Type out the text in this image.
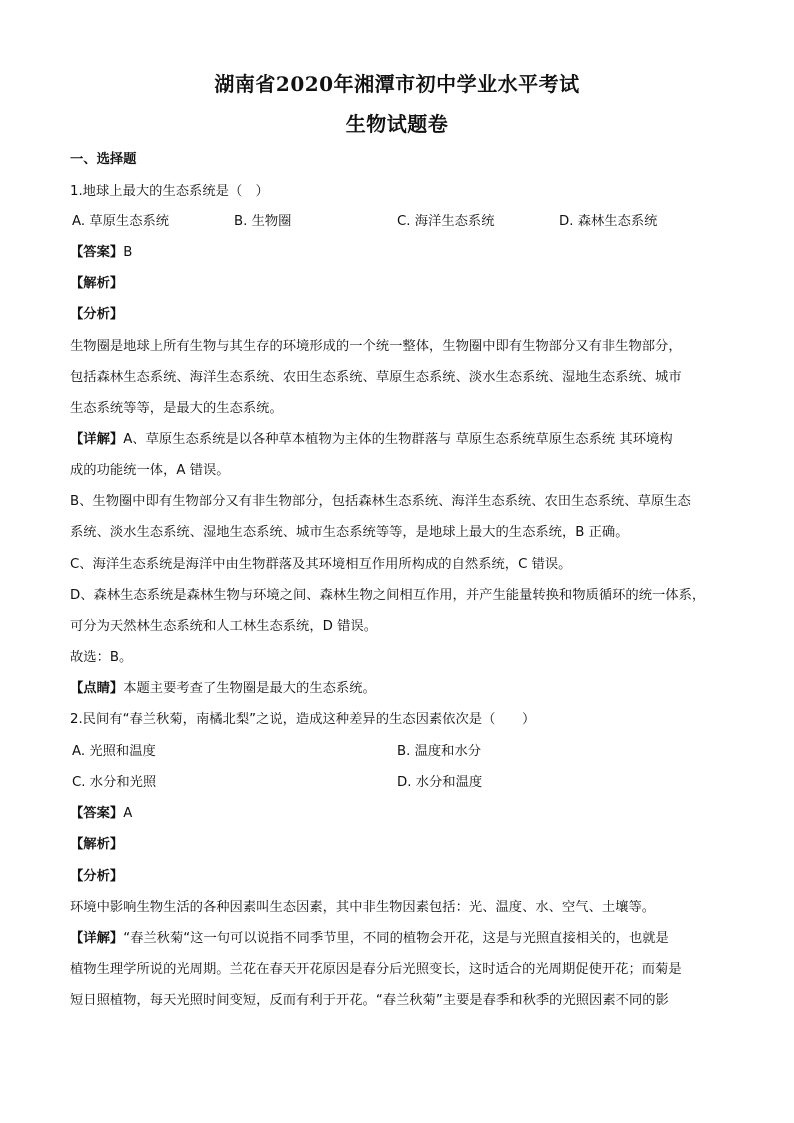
湖南省2020年湘潭市初中学业水平考试
生物试题卷
一、选择题
1.地球上最大的生态系统是（　）
A. 草原生态系统	B. 生物圈	C. 海洋生态系统	D. 森林生态系统
【答案】B
【解析】
【分析】
生物圈是地球上所有生物与其生存的环境形成的一个统一整体，生物圈中即有生物部分又有非生物部分，
包括森林生态系统、海洋生态系统、农田生态系统、草原生态系统、淡水生态系统、湿地生态系统、城市
生态系统等等，是最大的生态系统。
【详解】A、草原生态系统是以各种草本植物为主体的生物群落与 草原生态系统草原生态系统 其环境构
成的功能统一体，A 错误。
B、生物圈中即有生物部分又有非生物部分，包括森林生态系统、海洋生态系统、农田生态系统、草原生态
系统、淡水生态系统、湿地生态系统、城市生态系统等等，是地球上最大的生态系统，B 正确。
C、海洋生态系统是海洋中由生物群落及其环境相互作用所构成的自然系统，C 错误。
D、森林生态系统是森林生物与环境之间、森林生物之间相互作用，并产生能量转换和物质循环的统一体系，
可分为天然林生态系统和人工林生态系统，D 错误。
故选：B。
【点睛】本题主要考查了生物圈是最大的生态系统。
2.民间有“春兰秋菊，南橘北梨”之说，造成这种差异的生态因素依次是（　　）
A. 光照和温度	B. 温度和水分
C. 水分和光照	D. 水分和温度
【答案】A
【解析】
【分析】
环境中影响生物生活的各种因素叫生态因素，其中非生物因素包括：光、温度、水、空气、土壤等。
【详解】“春兰秋菊“这一句可以说指不同季节里，不同的植物会开花，这是与光照直接相关的，也就是
植物生理学所说的光周期。兰花在春天开花原因是春分后光照变长，这时适合的光周期促使开花；而菊是
短日照植物，每天光照时间变短，反而有利于开花。“春兰秋菊”主要是春季和秋季的光照因素不同的影
